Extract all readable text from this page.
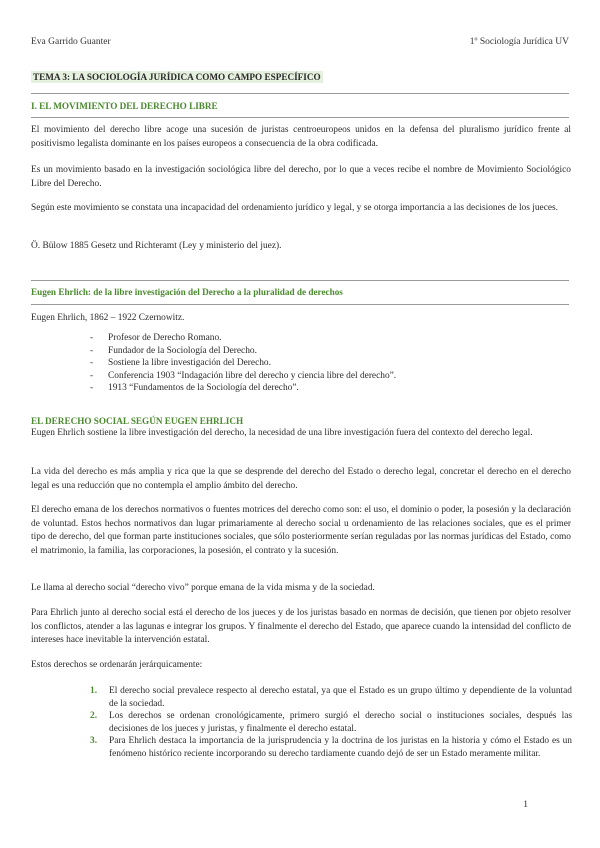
Eva Garrido Guanter	1º Sociología Jurídica UV
TEMA 3: LA SOCIOLOGÍA JURÍDICA COMO CAMPO ESPECÍFICO
I. EL MOVIMIENTO DEL DERECHO LIBRE

El movimiento del derecho libre acoge una sucesión de juristas centroeuropeos unidos en la defensa del pluralismo jurídico frente al positivismo legalista dominante en los países europeos a consecuencia de la obra codificada.

Es un movimiento basado en la investigación sociológica libre del derecho, por lo que a veces recibe el nombre de Movimiento Sociológico Libre del Derecho.

Según este movimiento se constata una incapacidad del ordenamiento jurídico y legal, y se otorga importancia a las decisiones de los jueces.

Ö. Bülow 1885 Gesetz und Richteramt (Ley y ministerio del juez).
Eugen Ehrlich: de la libre investigación del Derecho a la pluralidad de derechos
Eugen Ehrlich, 1862 – 1922 Czernowitz.
- Profesor de Derecho Romano.
- Fundador de la Sociología del Derecho.
- Sostiene la libre investigación del Derecho.
- Conferencia 1903 “Indagación libre del derecho y ciencia libre del derecho”.
- 1913 “Fundamentos de la Sociología del derecho”.
EL DERECHO SOCIAL SEGÚN EUGEN EHRLICH

Eugen Ehrlich sostiene la libre investigación del derecho, la necesidad de una libre investigación fuera del contexto del derecho legal.

La vida del derecho es más amplia y rica que la que se desprende del derecho del Estado o derecho legal, concretar el derecho en el derecho legal es una reducción que no contempla el amplio ámbito del derecho.

El derecho emana de los derechos normativos o fuentes motrices del derecho como son: el uso, el dominio o poder, la posesión y la declaración de voluntad. Estos hechos normativos dan lugar primariamente al derecho social u ordenamiento de las relaciones sociales, que es el primer tipo de derecho, del que forman parte instituciones sociales, que sólo posteriormente serían reguladas por las normas jurídicas del Estado, como el matrimonio, la familia, las corporaciones, la posesión, el contrato y la sucesión.

Le llama al derecho social “derecho vivo” porque emana de la vida misma y de la sociedad.

Para Ehrlich junto al derecho social está el derecho de los jueces y de los juristas basado en normas de decisión, que tienen por objeto resolver los conflictos, atender a las lagunas e integrar los grupos. Y finalmente el derecho del Estado, que aparece cuando la intensidad del conflicto de intereses hace inevitable la intervención estatal.

Estos derechos se ordenarán jerárquicamente:

1. El derecho social prevalece respecto al derecho estatal, ya que el Estado es un grupo último y dependiente de la voluntad de la sociedad.
2. Los derechos se ordenan cronológicamente, primero surgió el derecho social o instituciones sociales, después las decisiones de los jueces y juristas, y finalmente el derecho estatal.
3. Para Ehrlich destaca la importancia de la jurisprudencia y la doctrina de los juristas en la historia y cómo el Estado es un fenómeno histórico reciente incorporando su derecho tardiamente cuando dejó de ser un Estado meramente militar.
1
